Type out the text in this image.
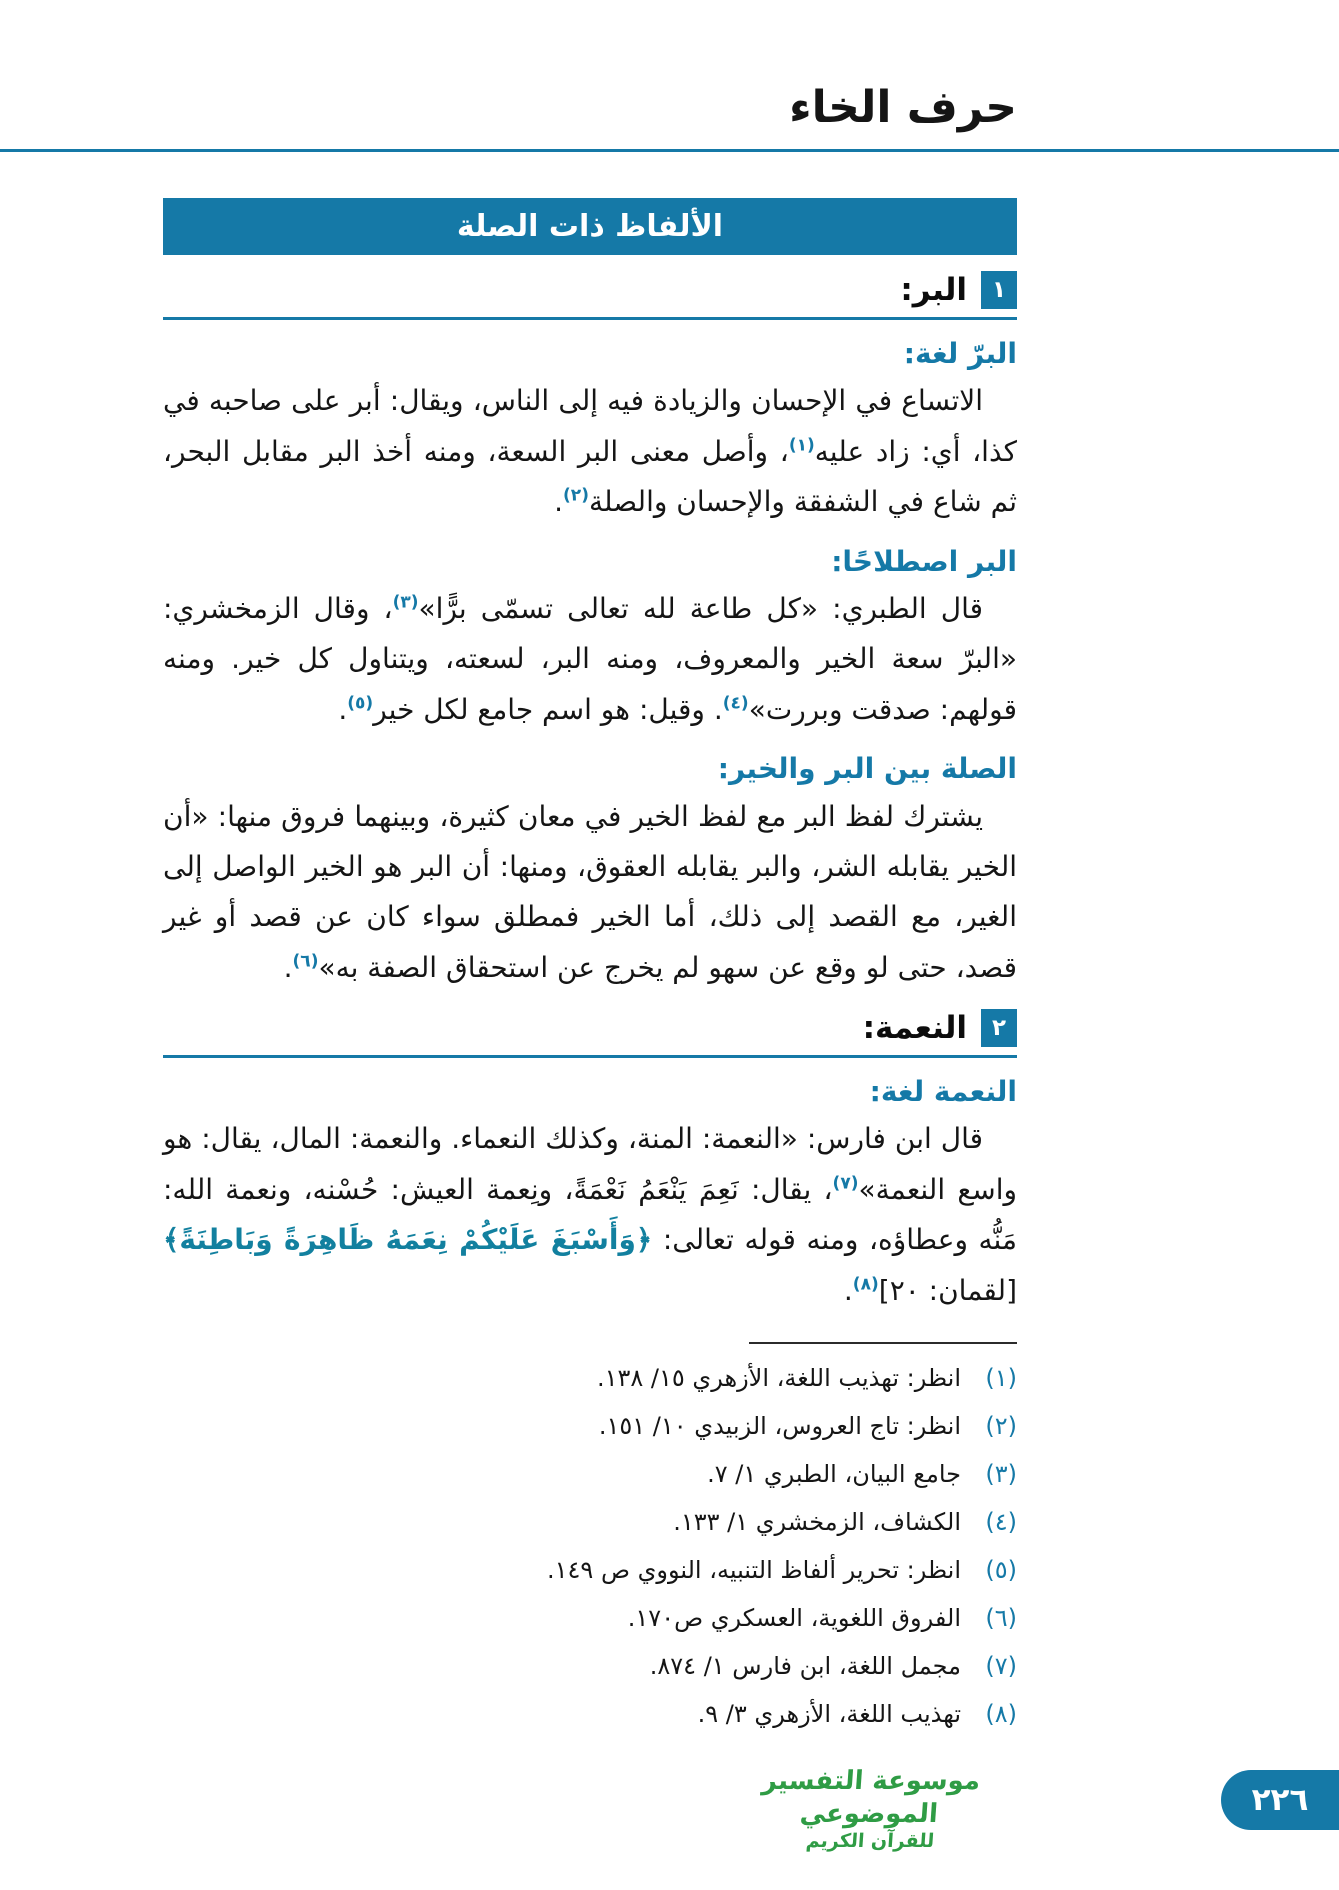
حرف الخاء
الألفاظ ذات الصلة
١
البر:
البرّ لغة:

الاتساع في الإحسان والزيادة فيه إلى الناس، ويقال: أبر على صاحبه في كذا، أي: زاد عليه$^{(١)}$، وأصل معنى البر السعة، ومنه أخذ البر مقابل البحر، ثم شاع في الشفقة والإحسان والصلة$^{(٢)}$.

البر اصطلاحًا:

قال الطبري: «كل طاعة لله تعالى تسمّى برًّا»$^{(٣)}$، وقال الزمخشري: «البرّ سعة الخير والمعروف، ومنه البر، لسعته، ويتناول كل خير. ومنه قولهم: صدقت وبررت»$^{(٤)}$. وقيل: هو اسم جامع لكل خير$^{(٥)}$.

الصلة بين البر والخير:

يشترك لفظ البر مع لفظ الخير في معان كثيرة، وبينهما فروق منها: «أن الخير يقابله الشر، والبر يقابله العقوق، ومنها: أن البر هو الخير الواصل إلى الغير، مع القصد إلى ذلك، أما الخير فمطلق سواء كان عن قصد أو غير قصد، حتى لو وقع عن سهو لم يخرج عن استحقاق الصفة به»$^{(٦)}$.

٢
النعمة:
النعمة لغة:

قال ابن فارس: «النعمة: المنة، وكذلك النعماء. والنعمة: المال، يقال: هو واسع النعمة»$^{(٧)}$، يقال: نَعِمَ يَنْعَمُ نَعْمَةً، ونِعمة العيش: حُسْنه، ونعمة الله: مَنُّه وعطاؤه، ومنه قوله تعالى: ﴿وَأَسْبَغَ عَلَيْكُمْ نِعَمَهُ ظَاهِرَةً وَبَاطِنَةً﴾ [لقمان: ٢٠]$^{(٨)}$.

(١)
انظر: تهذيب اللغة، الأزهري ١٥/ ١٣٨.
(٢)
انظر: تاج العروس، الزبيدي ١٠/ ١٥١.
(٣)
جامع البيان، الطبري ١/ ٧.
(٤)
الكشاف، الزمخشري ١/ ١٣٣.
(٥)
انظر: تحرير ألفاظ التنبيه، النووي ص ١٤٩.
(٦)
الفروق اللغوية، العسكري ص١٧٠.
(٧)
مجمل اللغة، ابن فارس ١/ ٨٧٤.
(٨)
تهذيب اللغة، الأزهري ٣/ ٩.
موسوعة التفسير الموضوعي
للقرآن الكريم
٢٢٦
